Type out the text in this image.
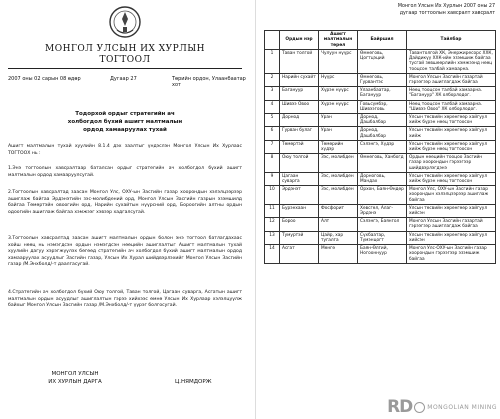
МОНГОЛ УЛСЫН ИХ ХУРЛЫН
ТОГТООЛ
2007 оны 02 сарын 08 өдөр	Дугаар 27	Төрийн ордон, Улаанбаатар хот
Тодорхой ордыг стратегийн ач
холбогдол бүхий ашигт малтмалын
ордод хамааруулах тухай
Ашигт малтмалын тухай хуулийн 8.1.4 дэх заалтыг үндэслэн Монгол Улсын Их Хурлаас ТОГТООХ нь :
1.Энэ тогтоолын хавсралтаар баталсан ордыг стратегийн ач холбогдол бүхий ашигт малтмалын ордод хамааруулсугай.
2.Тогтоолын хавсралтад заасан Монгол Улс, ОХУ-ын Засгийн газар хоорондын хэлэлцээрээр ашиглаж байгаа Эрдэнэтийн зэс-молибдений орд, Монгол Улсын Засгийн газрын эзэмшилд байгаа Төмөртэйн овоогийн орд, Нарийн сухайтын нүүрсний орд, Бороогийн алтны ордын одоогийн ашиглаж байгаа хэмжээг хэвээр хадгалсугай.
3.Тогтоолын хавсралтад заасан ашигт малтмалын ордын болон энэ тогтоол батлагдахаас хойш нөөц нь нэмэгдсэн ордын нэмэгдсэн нөөцийн ашиглалтыг Ашигт малтмалын тухай хуулийн дагуу хэрэгжүүлэх бөгөөд стратегийн ач холбогдол бүхий ашигт малтмалын ордод хамааруулах асуудлыг Засгийн газар, Улсын Их Хурал шийдвэрлэхийг Монгол Улсын Засгийн газар /М.Энхболд/-т даалгасугай.
4.Стратегийн ач холбогдол бүхий Оюу толгой, Таван толгой, Цагаан суварга, Асгатын ашигт малтмалын ордын асуудлыг ашиглалтын гэрээ хийхээс өмнө Улсын Их Хурлаар хэлэлцүүлж байхыг Монгол Улсын Засгийн газар /М.Энхболд/-т үүрэг болгосугай.
МОНГОЛ УЛСЫН
ИХ ХУРЛЫН ДАРГА	Ц.НЯМДОРЖ
Монгол Улсын Их Хурлын 2007 оны 27
дугаар тогтоолын хавсралт хавсралт
	Ордын нэр	Ашигт малтмалын төрөл	Байршил	Тайлбар
1	Таван толгой	Чулуун нүүрс	Өмнөговь, Цогтцэций	Тавантолгой ХК, Энержиресорс ХХК, Дайдикүү ХХК-ийн эзэмшиж байгаа тусгай зөвшөөрлийн хэмжээнд нөөц тооцсон талбай хамаарна.
2	Нарийн сухайт	Нүүрс	Өмнөговь, Гурвантэс	Монгол Улсын Засгийн газартай гэрээгээр ашиглагдаж байгаа
3	Багануур	Хүрэн нүүрс	Улаанбаатар, Багануур	Нөөц тооцсон талбай хамаарна. "Багануур" ХК олборлодог.
4	Шивээ Овоо	Хүрэн нүүрс	Говьсүмбэр, Шивээговь	Нөөц тооцсон талбай хамаарна. "Шивээ Овоо" ХК олборлодог.
5	Дорнод	Уран	Дорнод, Дашбалбар	Улсын төсвийн хөрөнгөөр хайгуул хийж бүрэн нөөц тогтоосон
6	Гурван булаг	Уран	Дорнод, Дашбалбар	Улсын төсвийн хөрөнгөөр хайгуул хийж
7	Төмөртэй	Төмөрийн хүдэр	Сэлэнгэ, Хүдэр	Улсын төсвийн хөрөнгөөр хайгуул хийж бүрэн нөөц тогтоосон
8	Оюу толгой	Зэс, молибден	Өмнөговь, Ханбогд	Ордын нөөцийн тооцоо Засгийн газар хоорондын гэрээгээр шийдвэрлэгдэнэ
9	Цагаан суварга	Зэс, молибден	Дорноговь, Мандах	Улсын төсвийн хөрөнгөөр хайгуул хийж бүрэн нөөц тогтоосон
10	Эрдэнэт	Зэс, молибден	Орхон, Баян-Өндөр	Монгол Улс, ОХУ-ын Засгийн газар хоорондын хэлэлцээрээр ашиглаж байгаа
11	Бурэнхаан	Фосфорит	Хөвсгөл, Алаг-Эрдэнэ	Улсын төсвийн хөрөнгөөр хайгуул хийсэн
12	Бороо	Алт	Сэлэнгэ, Баянгол	Монгол Улсын Засгийн газартай гэрээгээр ашиглагдаж байгаа
13	Тумуртэй	Цайр, хар тугалга	Сүхбаатар, Түмэнцогт	Улсын төсвийн хөрөнгөөр хайгуул хийсэн
14	Асгат	Мөнгө	Баян-Өлгий, Ногооннуур	Монгол Улс-ОХУ-ын Засгийн газар хоорондын гэрээгээр эзэмшиж байгаа
RD	MONGOLIAN MINING
